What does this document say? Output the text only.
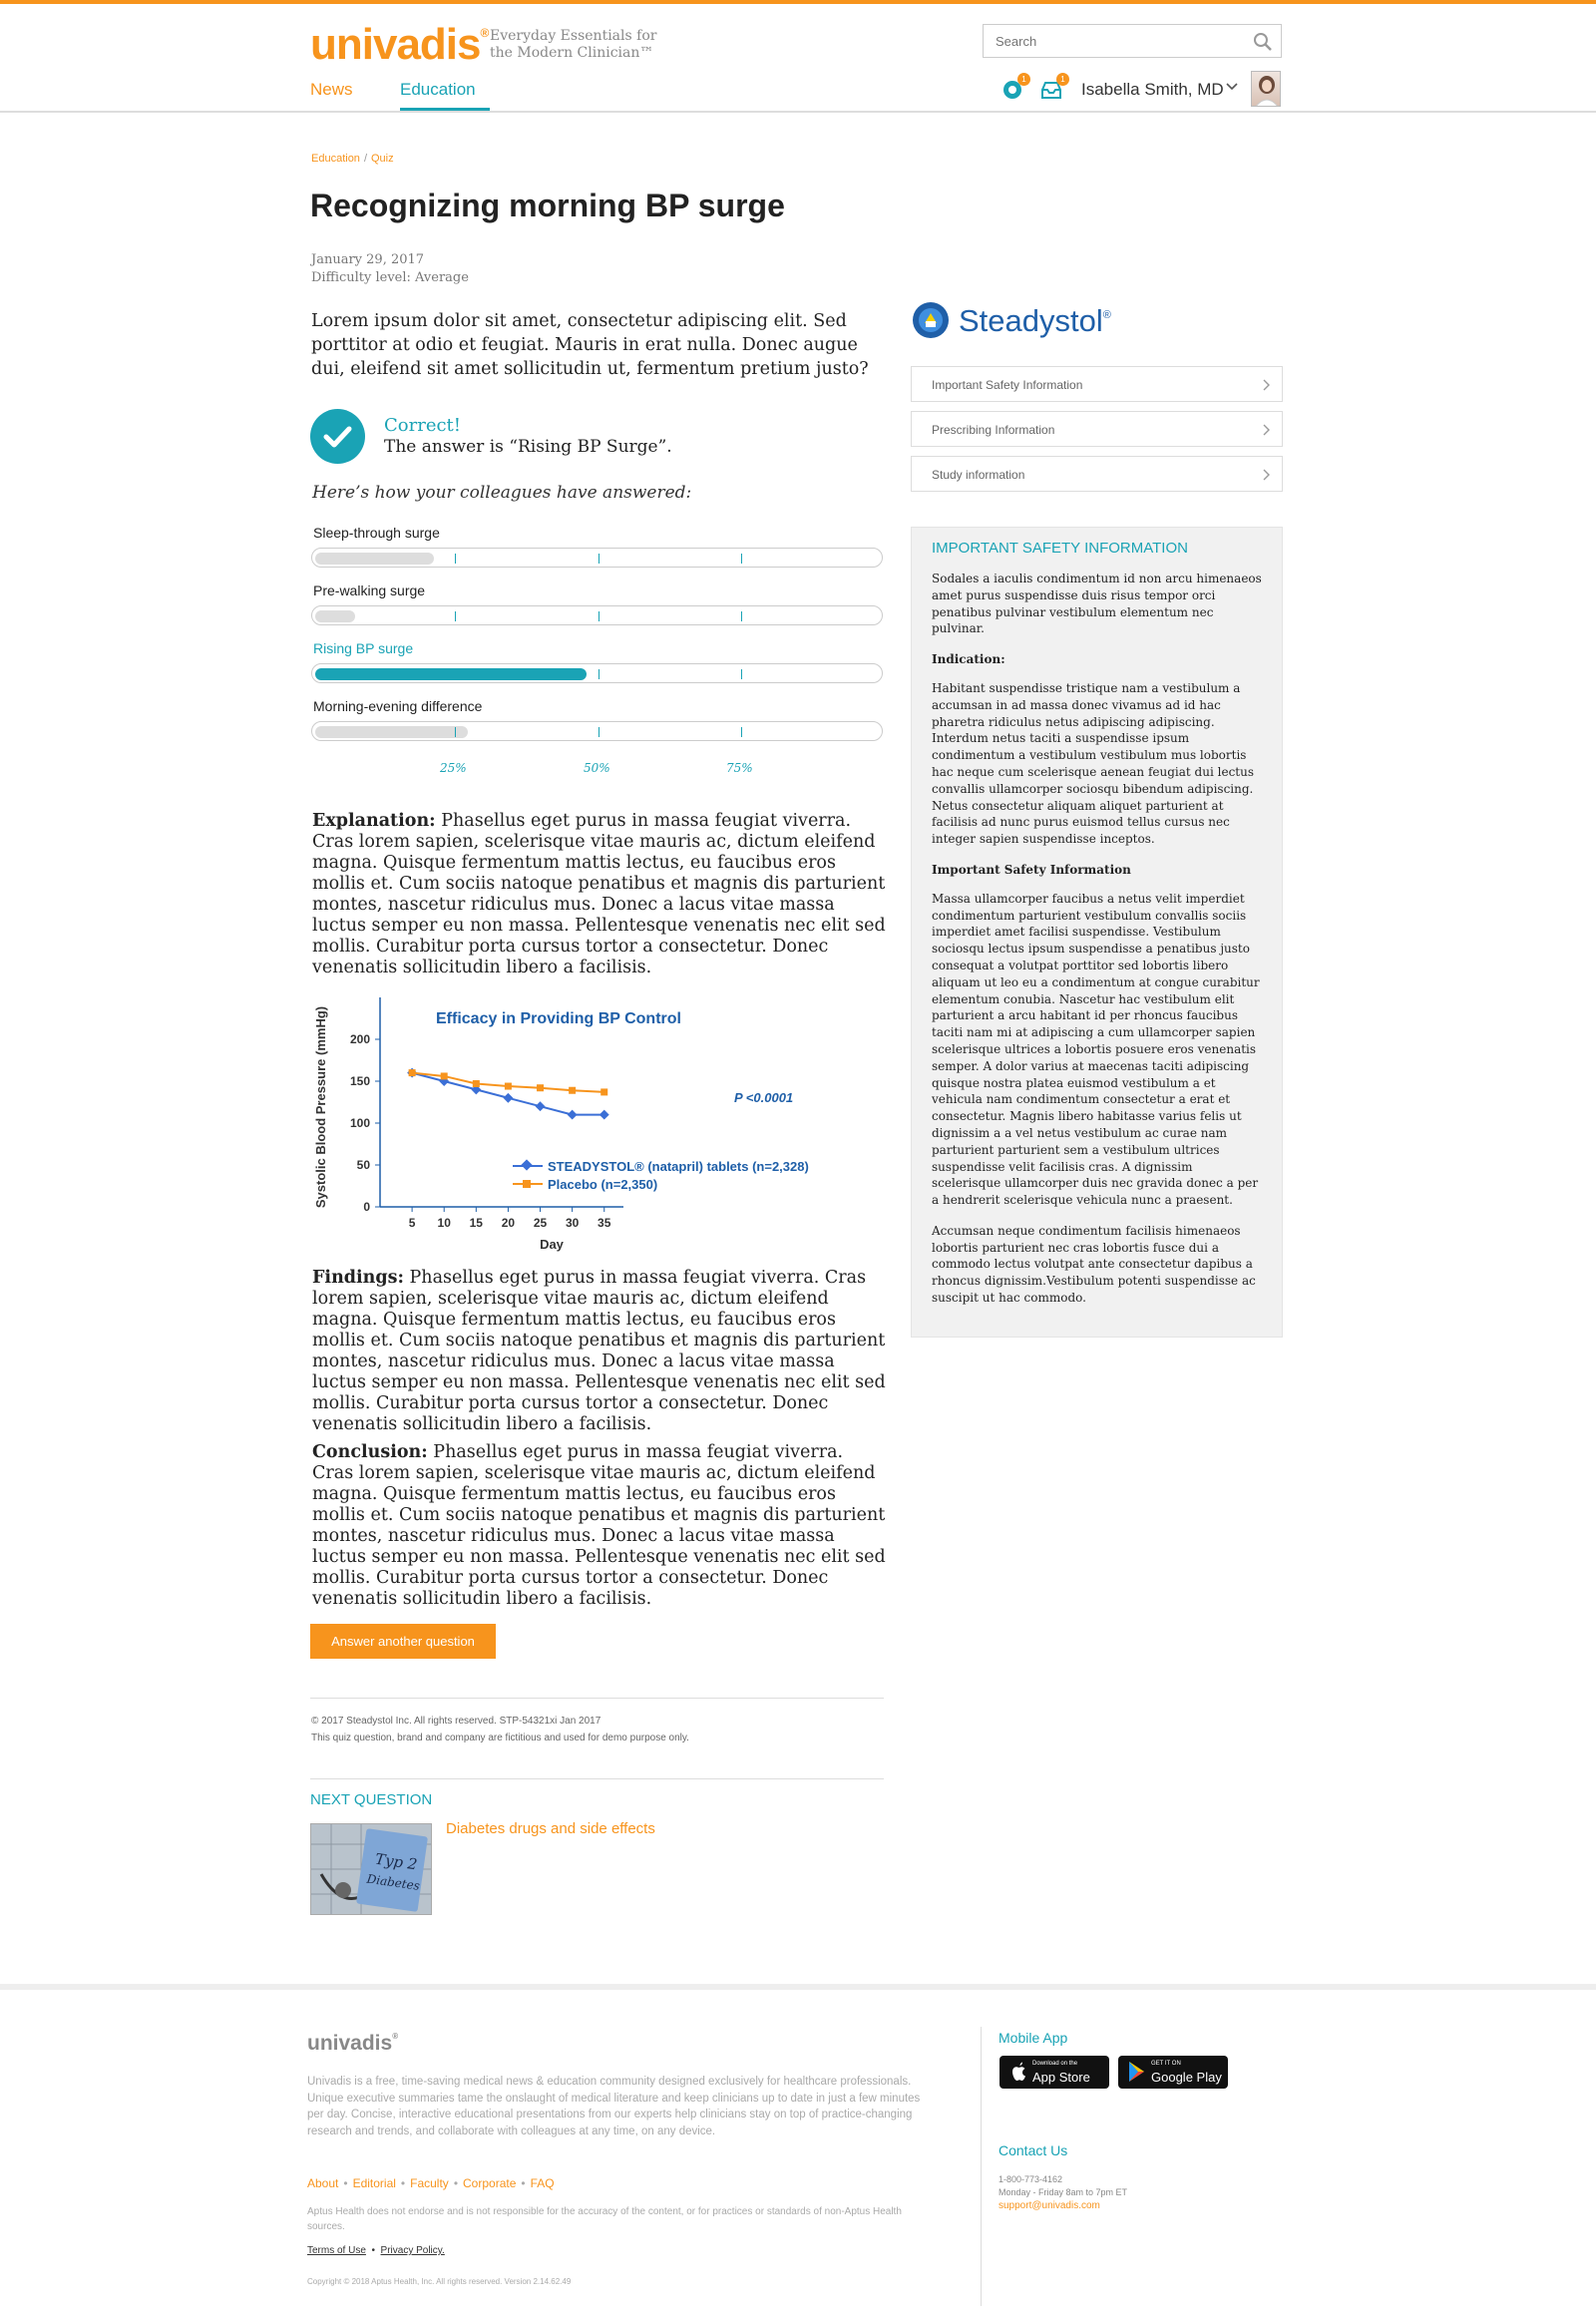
univadis® Everyday Essentials for
the Modern Clinician™
News	Education
Search
1	1
Isabella Smith, MD
Education / Quiz
Recognizing morning BP surge
January 29, 2017
Difficulty level: Average

Lorem ipsum dolor sit amet, consectetur adipiscing elit. Sed porttitor at odio et feugiat. Mauris in erat nulla. Donec augue dui, eleifend sit amet sollicitudin ut, fermentum pretium justo?

Correct!
The answer is “Rising BP Surge”.
Here’s how your colleagues have answered:
Sleep-through surge
Pre-walking surge
Rising BP surge
Morning-evening difference
25%	50%	75%

Explanation: Phasellus eget purus in massa feugiat viverra. Cras lorem sapien, scelerisque vitae mauris ac, dictum eleifend magna. Quisque fermentum mattis lectus, eu faucibus eros mollis et. Cum sociis natoque penatibus et magnis dis parturient montes, nascetur ridiculus mus. Donec a lacus vitae massa luctus semper eu non massa. Pellentesque venenatis nec elit sed mollis. Curabitur porta cursus tortor a consectetur. Donec venenatis sollicitudin libero a facilisis.

0
50
100
150
200
5 10 15 20 25 30 35
Efficacy in Providing BP Control
P <0.0001
Systolic Blood Pressure (mmHg)
Day
STEADYSTOL® (natapril) tablets (n=2,328)
Placebo (n=2,350)

Findings: Phasellus eget purus in massa feugiat viverra. Cras lorem sapien, scelerisque vitae mauris ac, dictum eleifend magna. Quisque fermentum mattis lectus, eu faucibus eros mollis et. Cum sociis natoque penatibus et magnis dis parturient montes, nascetur ridiculus mus. Donec a lacus vitae massa luctus semper eu non massa. Pellentesque venenatis nec elit sed mollis. Curabitur porta cursus tortor a consectetur. Donec venenatis sollicitudin libero a facilisis.

Conclusion: Phasellus eget purus in massa feugiat viverra. Cras lorem sapien, scelerisque vitae mauris ac, dictum eleifend magna. Quisque fermentum mattis lectus, eu faucibus eros mollis et. Cum sociis natoque penatibus et magnis dis parturient montes, nascetur ridiculus mus. Donec a lacus vitae massa luctus semper eu non massa. Pellentesque venenatis nec elit sed mollis. Curabitur porta cursus tortor a consectetur. Donec venenatis sollicitudin libero a facilisis.

Answer another question
© 2017 Steadystol Inc. All rights reserved. STP-54321xi Jan 2017
This quiz question, brand and company are fictitious and used for demo purpose only.
NEXT QUESTION
Typ 2
Diabetes
Diabetes drugs and side effects
Steadystol®
Important Safety Information
Prescribing Information
Study information
IMPORTANT SAFETY INFORMATION

Sodales a iaculis condimentum id non arcu himenaeos amet purus suspendisse duis risus tempor orci penatibus pulvinar vestibulum elementum nec pulvinar.

Indication:

Habitant suspendisse tristique nam a vestibulum a accumsan in ad massa donec vivamus ad id hac pharetra ridiculus netus adipiscing adipiscing. Interdum netus taciti a suspendisse ipsum condimentum a vestibulum vestibulum mus lobortis hac neque cum scelerisque aenean feugiat dui lectus convallis ullamcorper sociosqu bibendum adipiscing. Netus consectetur aliquam aliquet parturient at facilisis ad nunc purus euismod tellus cursus nec integer sapien suspendisse inceptos.

Important Safety Information

Massa ullamcorper faucibus a netus velit imperdiet condimentum parturient vestibulum convallis sociis imperdiet amet facilisi suspendisse. Vestibulum sociosqu lectus ipsum suspendisse a penatibus justo consequat a volutpat porttitor sed lobortis libero aliquam ut leo eu a condimentum at congue curabitur elementum conubia. Nascetur hac vestibulum elit parturient a arcu habitant id per rhoncus faucibus taciti nam mi at adipiscing a cum ullamcorper sapien scelerisque ultrices a lobortis posuere eros venenatis semper. A dolor varius at maecenas taciti adipiscing quisque nostra platea euismod vestibulum a et vehicula nam condimentum consectetur a erat et consectetur. Magnis libero habitasse varius felis ut dignissim a a vel netus vestibulum ac curae nam parturient parturient sem a vestibulum ultrices suspendisse velit facilisis cras. A dignissim scelerisque ullamcorper duis nec gravida donec a per a hendrerit scelerisque vehicula nunc a praesent.

Accumsan neque condimentum facilisis himenaeos lobortis parturient nec cras lobortis fusce dui a commodo lectus volutpat ante consectetur dapibus a rhoncus dignissim.Vestibulum potenti suspendisse ac suscipit ut hac commodo.

univadis®

Univadis is a free, time-saving medical news & education community designed exclusively for healthcare professionals. Unique executive summaries tame the onslaught of medical literature and keep clinicians up to date in just a few minutes per day. Concise, interactive educational presentations from our experts help clinicians stay on top of practice-changing research and trends, and collaborate with colleagues at any time, on any device.

About • Editorial • Faculty • Corporate • FAQ

Aptus Health does not endorse and is not responsible for the accuracy of the content, or for practices or standards of non-Aptus Health sources.

Terms of Use  •  Privacy Policy.
Copyright © 2018 Aptus Health, Inc. All rights reserved. Version 2.14.62.49
Mobile App
Download on the
App Store
GET IT ON
Google Play
Contact Us
1-800-773-4162
Monday - Friday 8am to 7pm ET
support@univadis.com
